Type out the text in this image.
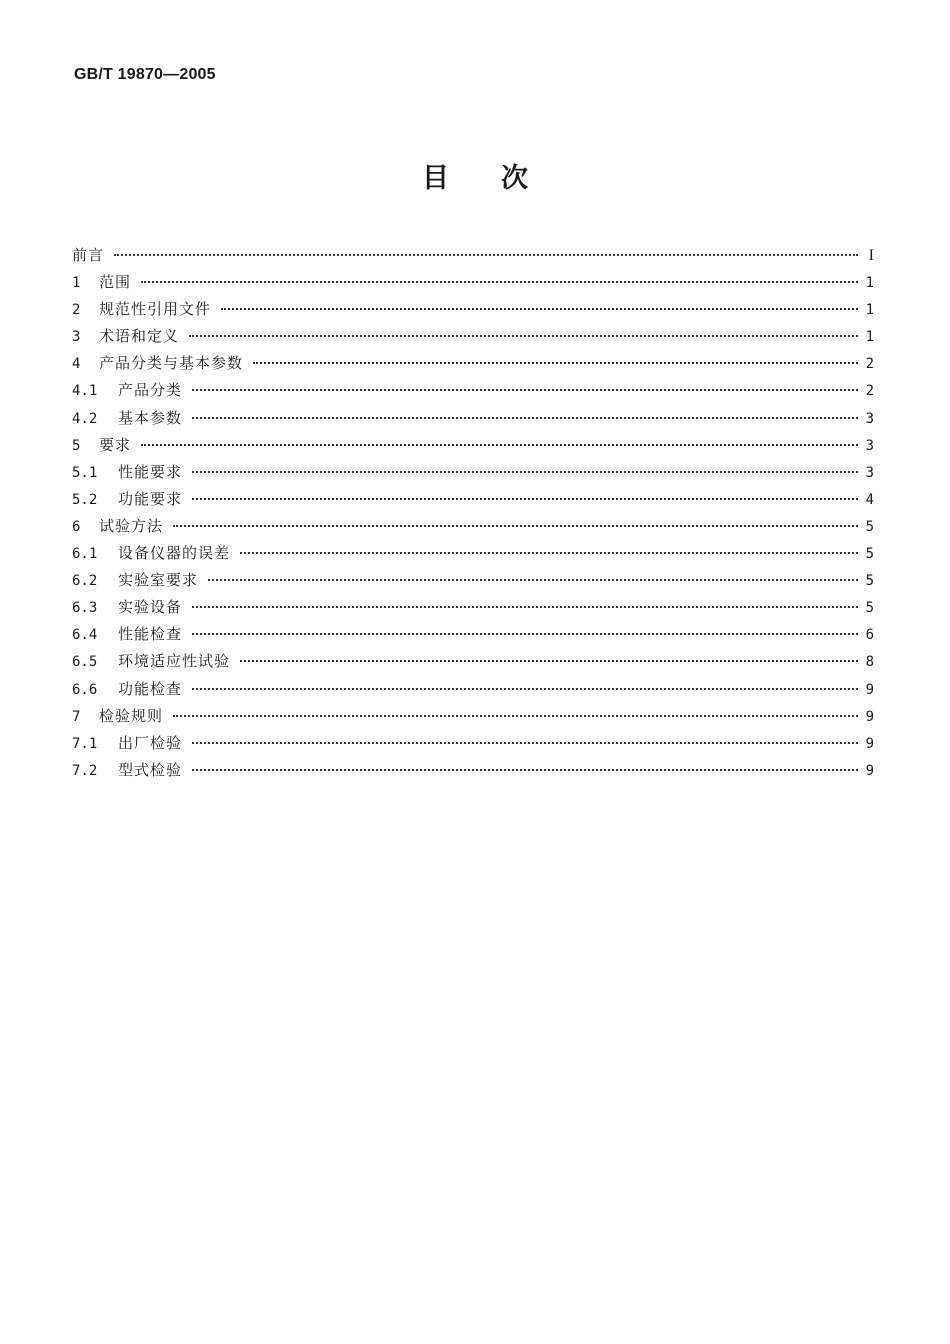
GB/T 19870—2005
目 次
前言	I
1	范围	1
2	规范性引用文件	1
3	术语和定义	1
4	产品分类与基本参数	2
4.1	产品分类	2
4.2	基本参数	3
5	要求	3
5.1	性能要求	3
5.2	功能要求	4
6	试验方法	5
6.1	设备仪器的误差	5
6.2	实验室要求	5
6.3	实验设备	5
6.4	性能检查	6
6.5	环境适应性试验	8
6.6	功能检查	9
7	检验规则	9
7.1	出厂检验	9
7.2	型式检验	9
